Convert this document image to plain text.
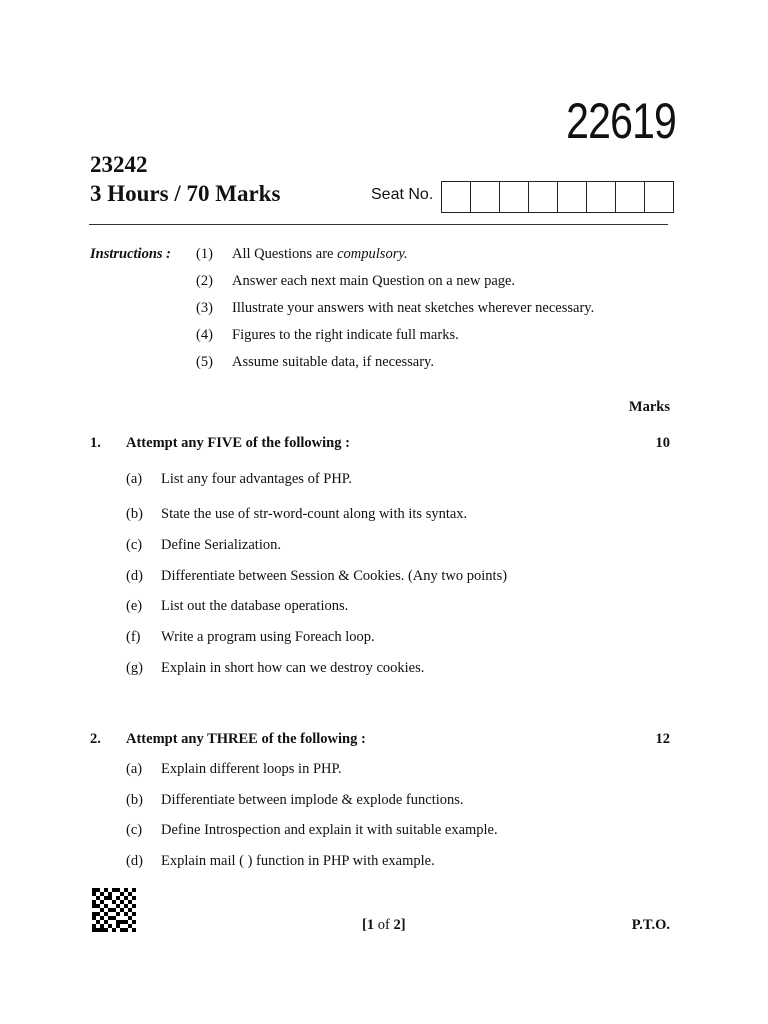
22619
23242
3 Hours / 70 Marks	Seat No.
Instructions : (1) All Questions are compulsory.
(2) Answer each next main Question on a new page.
(3) Illustrate your answers with neat sketches wherever necessary.
(4) Figures to the right indicate full marks.
(5) Assume suitable data, if necessary.
Marks
1. Attempt any FIVE of the following :	10
(a) List any four advantages of PHP.
(b) State the use of str-word-count along with its syntax.
(c) Define Serialization.
(d) Differentiate between Session & Cookies. (Any two points)
(e) List out the database operations.
(f) Write a program using Foreach loop.
(g) Explain in short how can we destroy cookies.
2. Attempt any THREE of the following :	12
(a) Explain different loops in PHP.
(b) Differentiate between implode & explode functions.
(c) Define Introspection and explain it with suitable example.
(d) Explain mail ( ) function in PHP with example.
[1 of 2]	P.T.O.
